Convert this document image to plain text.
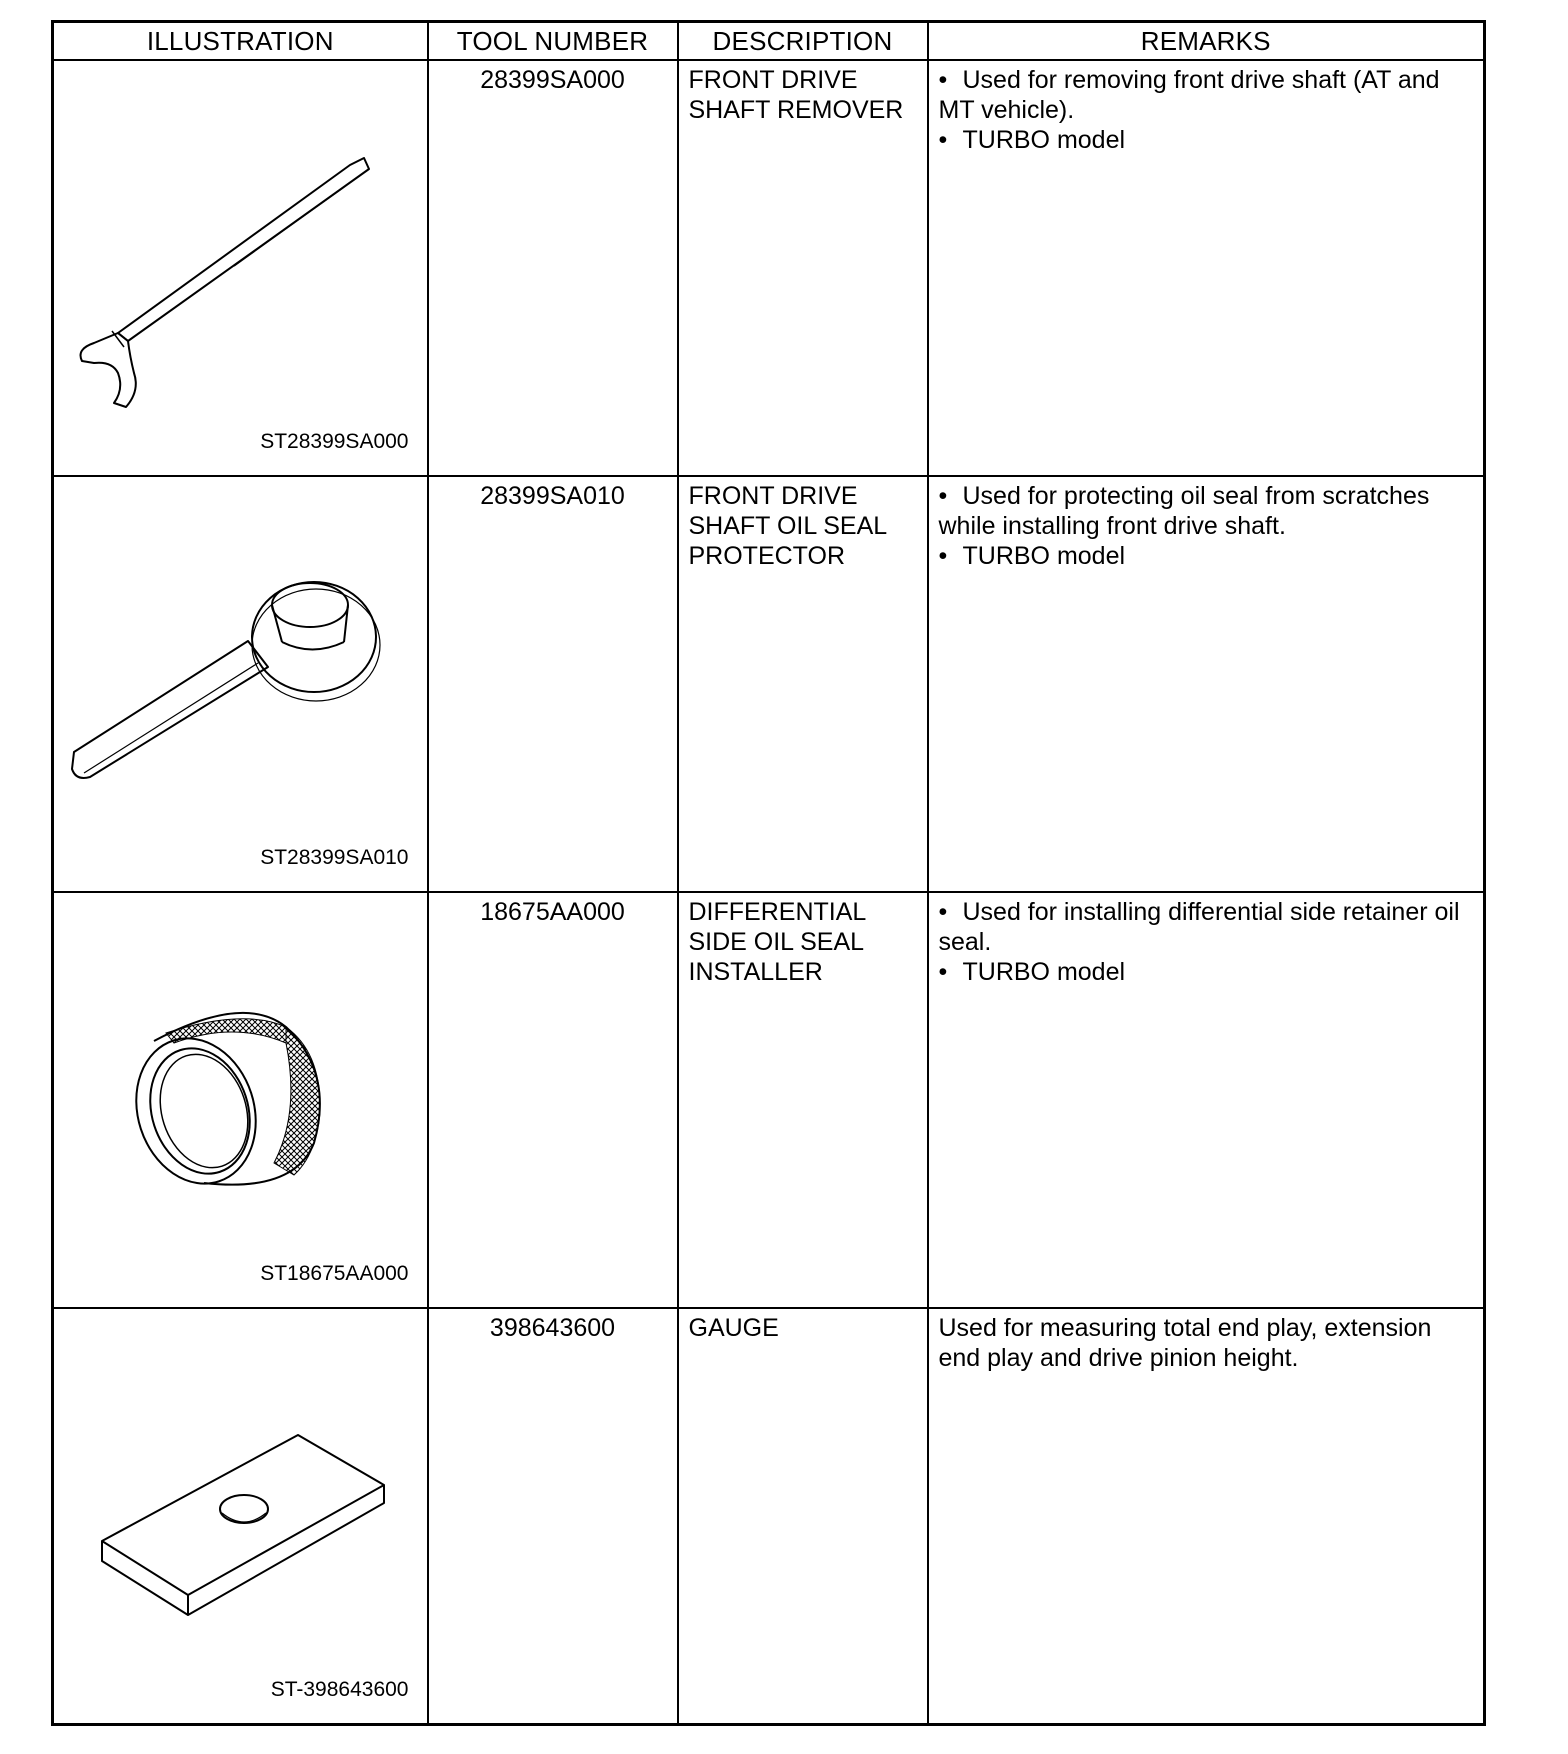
ILLUSTRATION	TOOL NUMBER	DESCRIPTION	REMARKS

ST28399SA000	28399SA000	FRONT DRIVE
SHAFT REMOVER	• Used for removing front drive shaft (AT and
MT vehicle).
• TURBO model

ST28399SA010	28399SA010	FRONT DRIVE
SHAFT OIL SEAL
PROTECTOR	• Used for protecting oil seal from scratches
while installing front drive shaft.
• TURBO model

ST18675AA000	18675AA000	DIFFERENTIAL
SIDE OIL SEAL
INSTALLER	• Used for installing differential side retainer oil
seal.
• TURBO model

ST-398643600	398643600	GAUGE	Used for measuring total end play, extension
end play and drive pinion height.
